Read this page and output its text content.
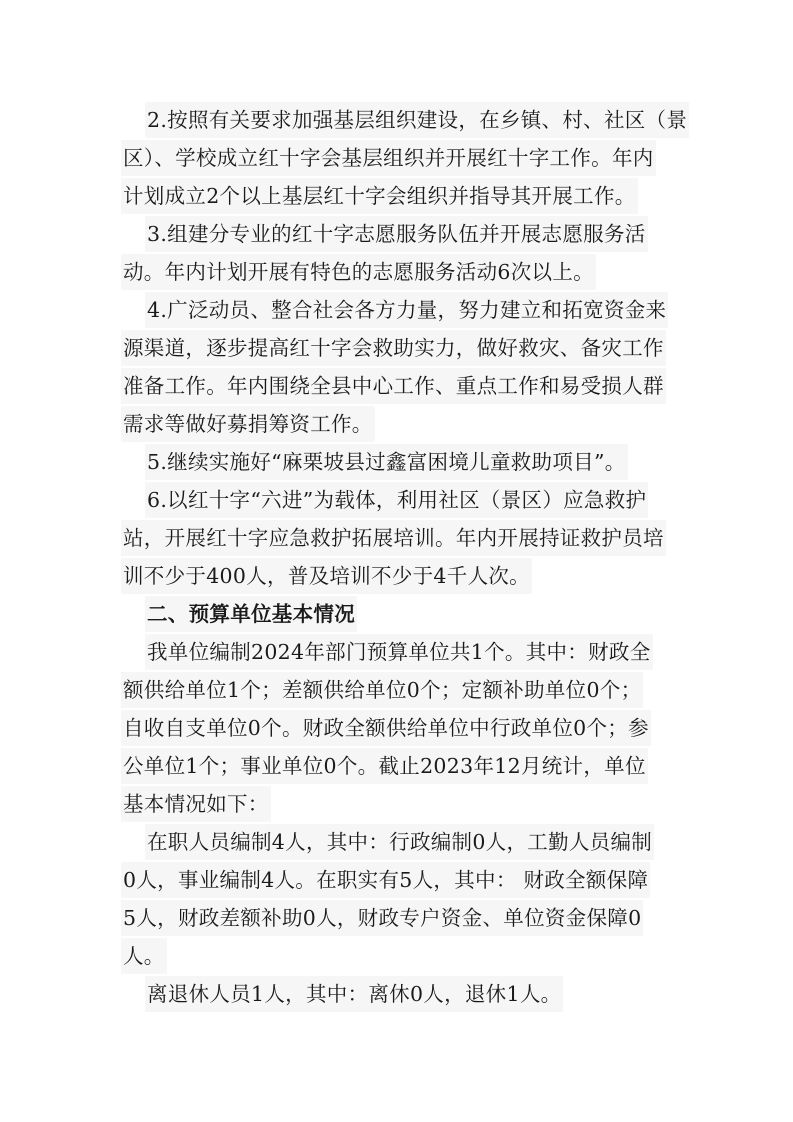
2.按照有关要求加强基层组织建设，在乡镇、村、社区（景
区）、学校成立红十字会基层组织并开展红十字工作。年内
计划成立2个以上基层红十字会组织并指导其开展工作。
3.组建分专业的红十字志愿服务队伍并开展志愿服务活
动。年内计划开展有特色的志愿服务活动6次以上。
4.广泛动员、整合社会各方力量，努力建立和拓宽资金来
源渠道，逐步提高红十字会救助实力，做好救灾、备灾工作
准备工作。年内围绕全县中心工作、重点工作和易受损人群
需求等做好募捐筹资工作。
5.继续实施好“麻栗坡县过鑫富困境儿童救助项目”。
6.以红十字“六进”为载体，利用社区（景区）应急救护
站，开展红十字应急救护拓展培训。年内开展持证救护员培
训不少于400人，普及培训不少于4千人次。
二、预算单位基本情况
我单位编制2024年部门预算单位共1个。其中：财政全
额供给单位1个；差额供给单位0个；定额补助单位0个；
自收自支单位0个。财政全额供给单位中行政单位0个；参
公单位1个；事业单位0个。截止2023年12月统计，单位
基本情况如下：
在职人员编制4人，其中：行政编制0人，工勤人员编制
0人，事业编制4人。在职实有5人，其中： 财政全额保障
5人，财政差额补助0人，财政专户资金、单位资金保障0
人。
离退休人员1人，其中：离休0人，退休1人。
